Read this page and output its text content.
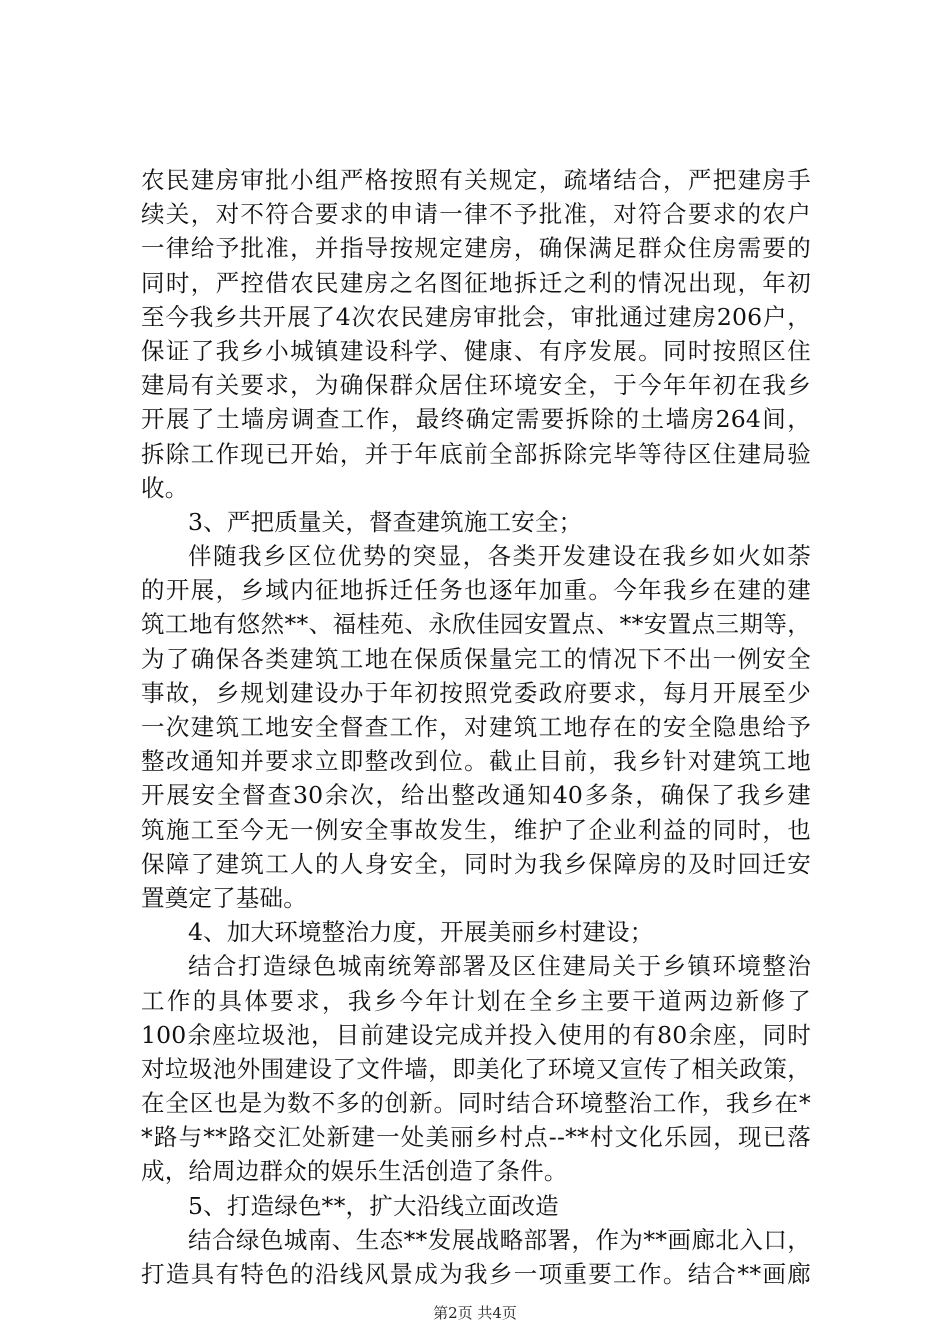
农民建房审批小组严格按照有关规定，疏堵结合，严把建房手
续关，对不符合要求的申请一律不予批准，对符合要求的农户
一律给予批准，并指导按规定建房，确保满足群众住房需要的
同时，严控借农民建房之名图征地拆迁之利的情况出现，年初
至今我乡共开展了4次农民建房审批会，审批通过建房206户，
保证了我乡小城镇建设科学、健康、有序发展。同时按照区住
建局有关要求，为确保群众居住环境安全，于今年年初在我乡
开展了土墙房调查工作，最终确定需要拆除的土墙房264间，
拆除工作现已开始，并于年底前全部拆除完毕等待区住建局验
收。
3、严把质量关，督查建筑施工安全；
伴随我乡区位优势的突显，各类开发建设在我乡如火如荼
的开展，乡域内征地拆迁任务也逐年加重。今年我乡在建的建
筑工地有悠然**、福桂苑、永欣佳园安置点、**安置点三期等，
为了确保各类建筑工地在保质保量完工的情况下不出一例安全
事故，乡规划建设办于年初按照党委政府要求，每月开展至少
一次建筑工地安全督查工作，对建筑工地存在的安全隐患给予
整改通知并要求立即整改到位。截止目前，我乡针对建筑工地
开展安全督查30余次，给出整改通知40多条，确保了我乡建
筑施工至今无一例安全事故发生，维护了企业利益的同时，也
保障了建筑工人的人身安全，同时为我乡保障房的及时回迁安
置奠定了基础。
4、加大环境整治力度，开展美丽乡村建设；
结合打造绿色城南统筹部署及区住建局关于乡镇环境整治
工作的具体要求，我乡今年计划在全乡主要干道两边新修了
100余座垃圾池，目前建设完成并投入使用的有80余座，同时
对垃圾池外围建设了文件墙，即美化了环境又宣传了相关政策，
在全区也是为数不多的创新。同时结合环境整治工作，我乡在*
*路与**路交汇处新建一处美丽乡村点--**村文化乐园，现已落
成，给周边群众的娱乐生活创造了条件。
5、打造绿色**，扩大沿线立面改造
结合绿色城南、生态**发展战略部署，作为**画廊北入口，
打造具有特色的沿线风景成为我乡一项重要工作。结合**画廊
第2页 共4页
